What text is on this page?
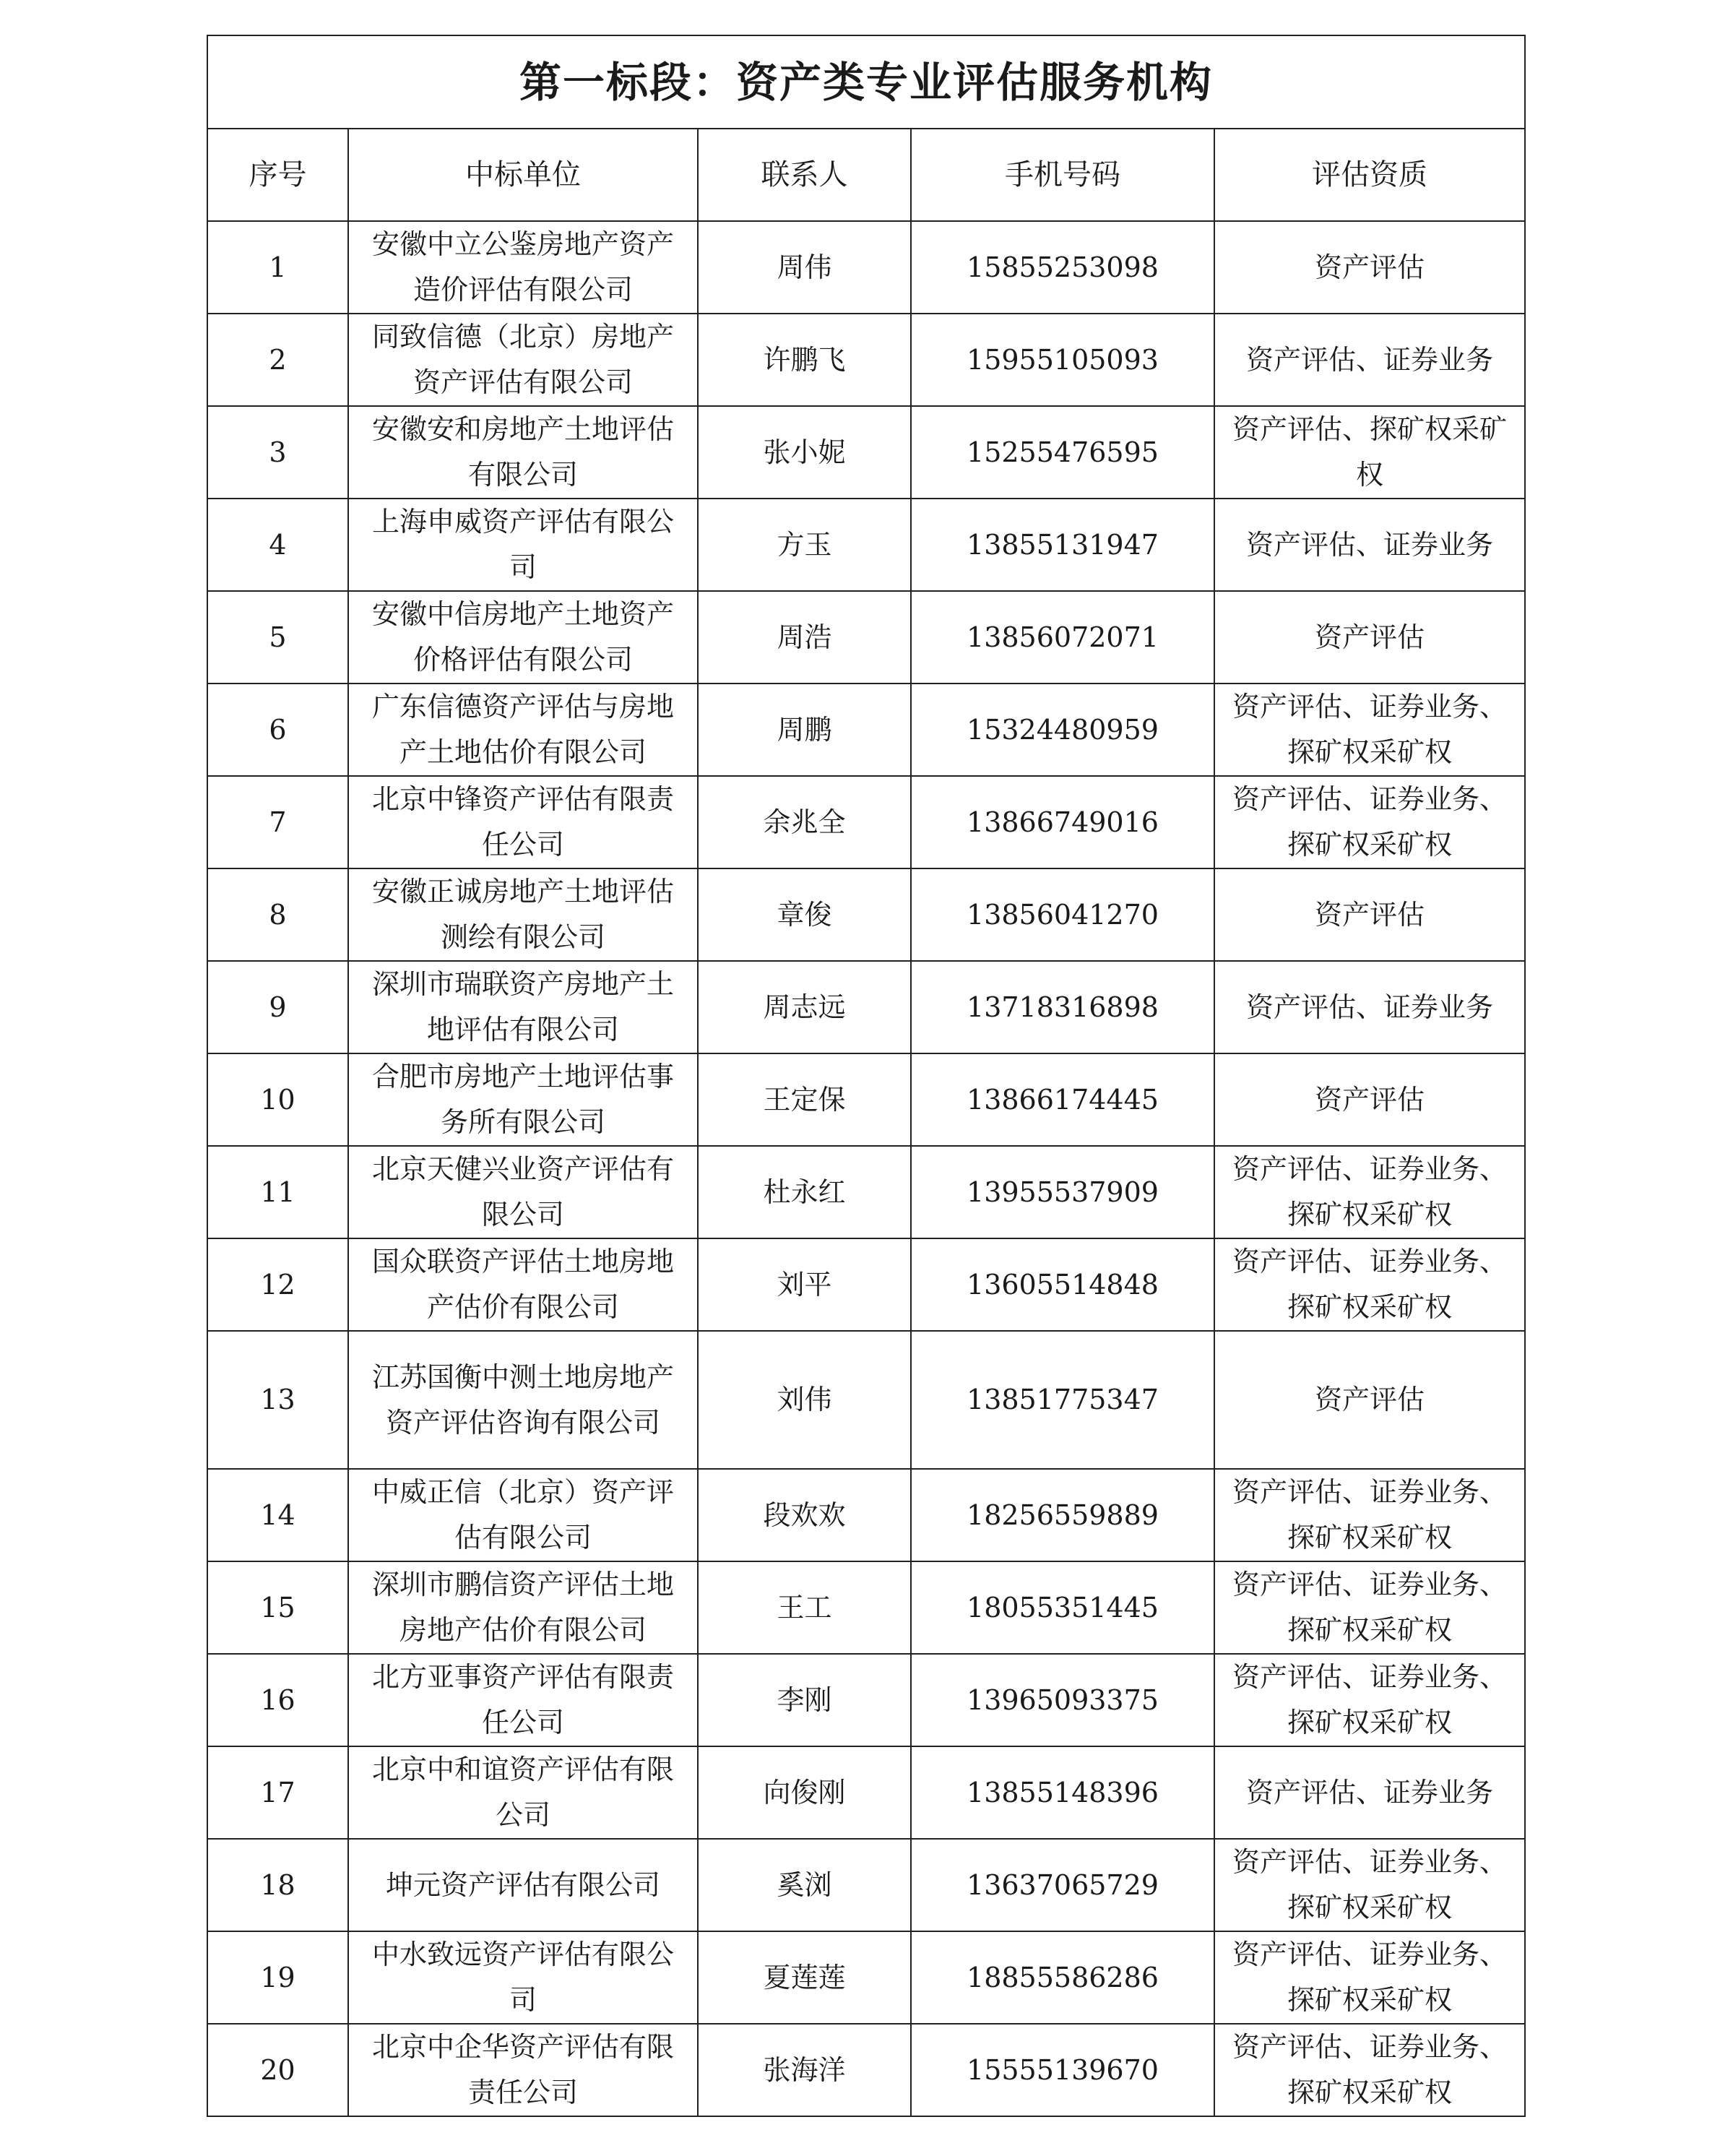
第一标段：资产类专业评估服务机构				
序号	中标单位	联系人	手机号码	评估资质
1	安徽中立公鉴房地产资产造价评估有限公司	周伟	15855253098	资产评估
2	同致信德（北京）房地产资产评估有限公司	许鹏飞	15955105093	资产评估、证券业务
3	安徽安和房地产土地评估有限公司	张小妮	15255476595	资产评估、探矿权采矿权
4	上海申威资产评估有限公司	方玉	13855131947	资产评估、证券业务
5	安徽中信房地产土地资产价格评估有限公司	周浩	13856072071	资产评估
6	广东信德资产评估与房地产土地估价有限公司	周鹏	15324480959	资产评估、证券业务、探矿权采矿权
7	北京中锋资产评估有限责任公司	余兆全	13866749016	资产评估、证券业务、探矿权采矿权
8	安徽正诚房地产土地评估测绘有限公司	章俊	13856041270	资产评估
9	深圳市瑞联资产房地产土地评估有限公司	周志远	13718316898	资产评估、证券业务
10	合肥市房地产土地评估事务所有限公司	王定保	13866174445	资产评估
11	北京天健兴业资产评估有限公司	杜永红	13955537909	资产评估、证券业务、探矿权采矿权
12	国众联资产评估土地房地产估价有限公司	刘平	13605514848	资产评估、证券业务、探矿权采矿权
13	江苏国衡中测土地房地产资产评估咨询有限公司	刘伟	13851775347	资产评估
14	中威正信（北京）资产评估有限公司	段欢欢	18256559889	资产评估、证券业务、探矿权采矿权
15	深圳市鹏信资产评估土地房地产估价有限公司	王工	18055351445	资产评估、证券业务、探矿权采矿权
16	北方亚事资产评估有限责任公司	李刚	13965093375	资产评估、证券业务、探矿权采矿权
17	北京中和谊资产评估有限公司	向俊刚	13855148396	资产评估、证券业务
18	坤元资产评估有限公司	奚浏	13637065729	资产评估、证券业务、探矿权采矿权
19	中水致远资产评估有限公司	夏莲莲	18855586286	资产评估、证券业务、探矿权采矿权
20	北京中企华资产评估有限责任公司	张海洋	15555139670	资产评估、证券业务、探矿权采矿权
